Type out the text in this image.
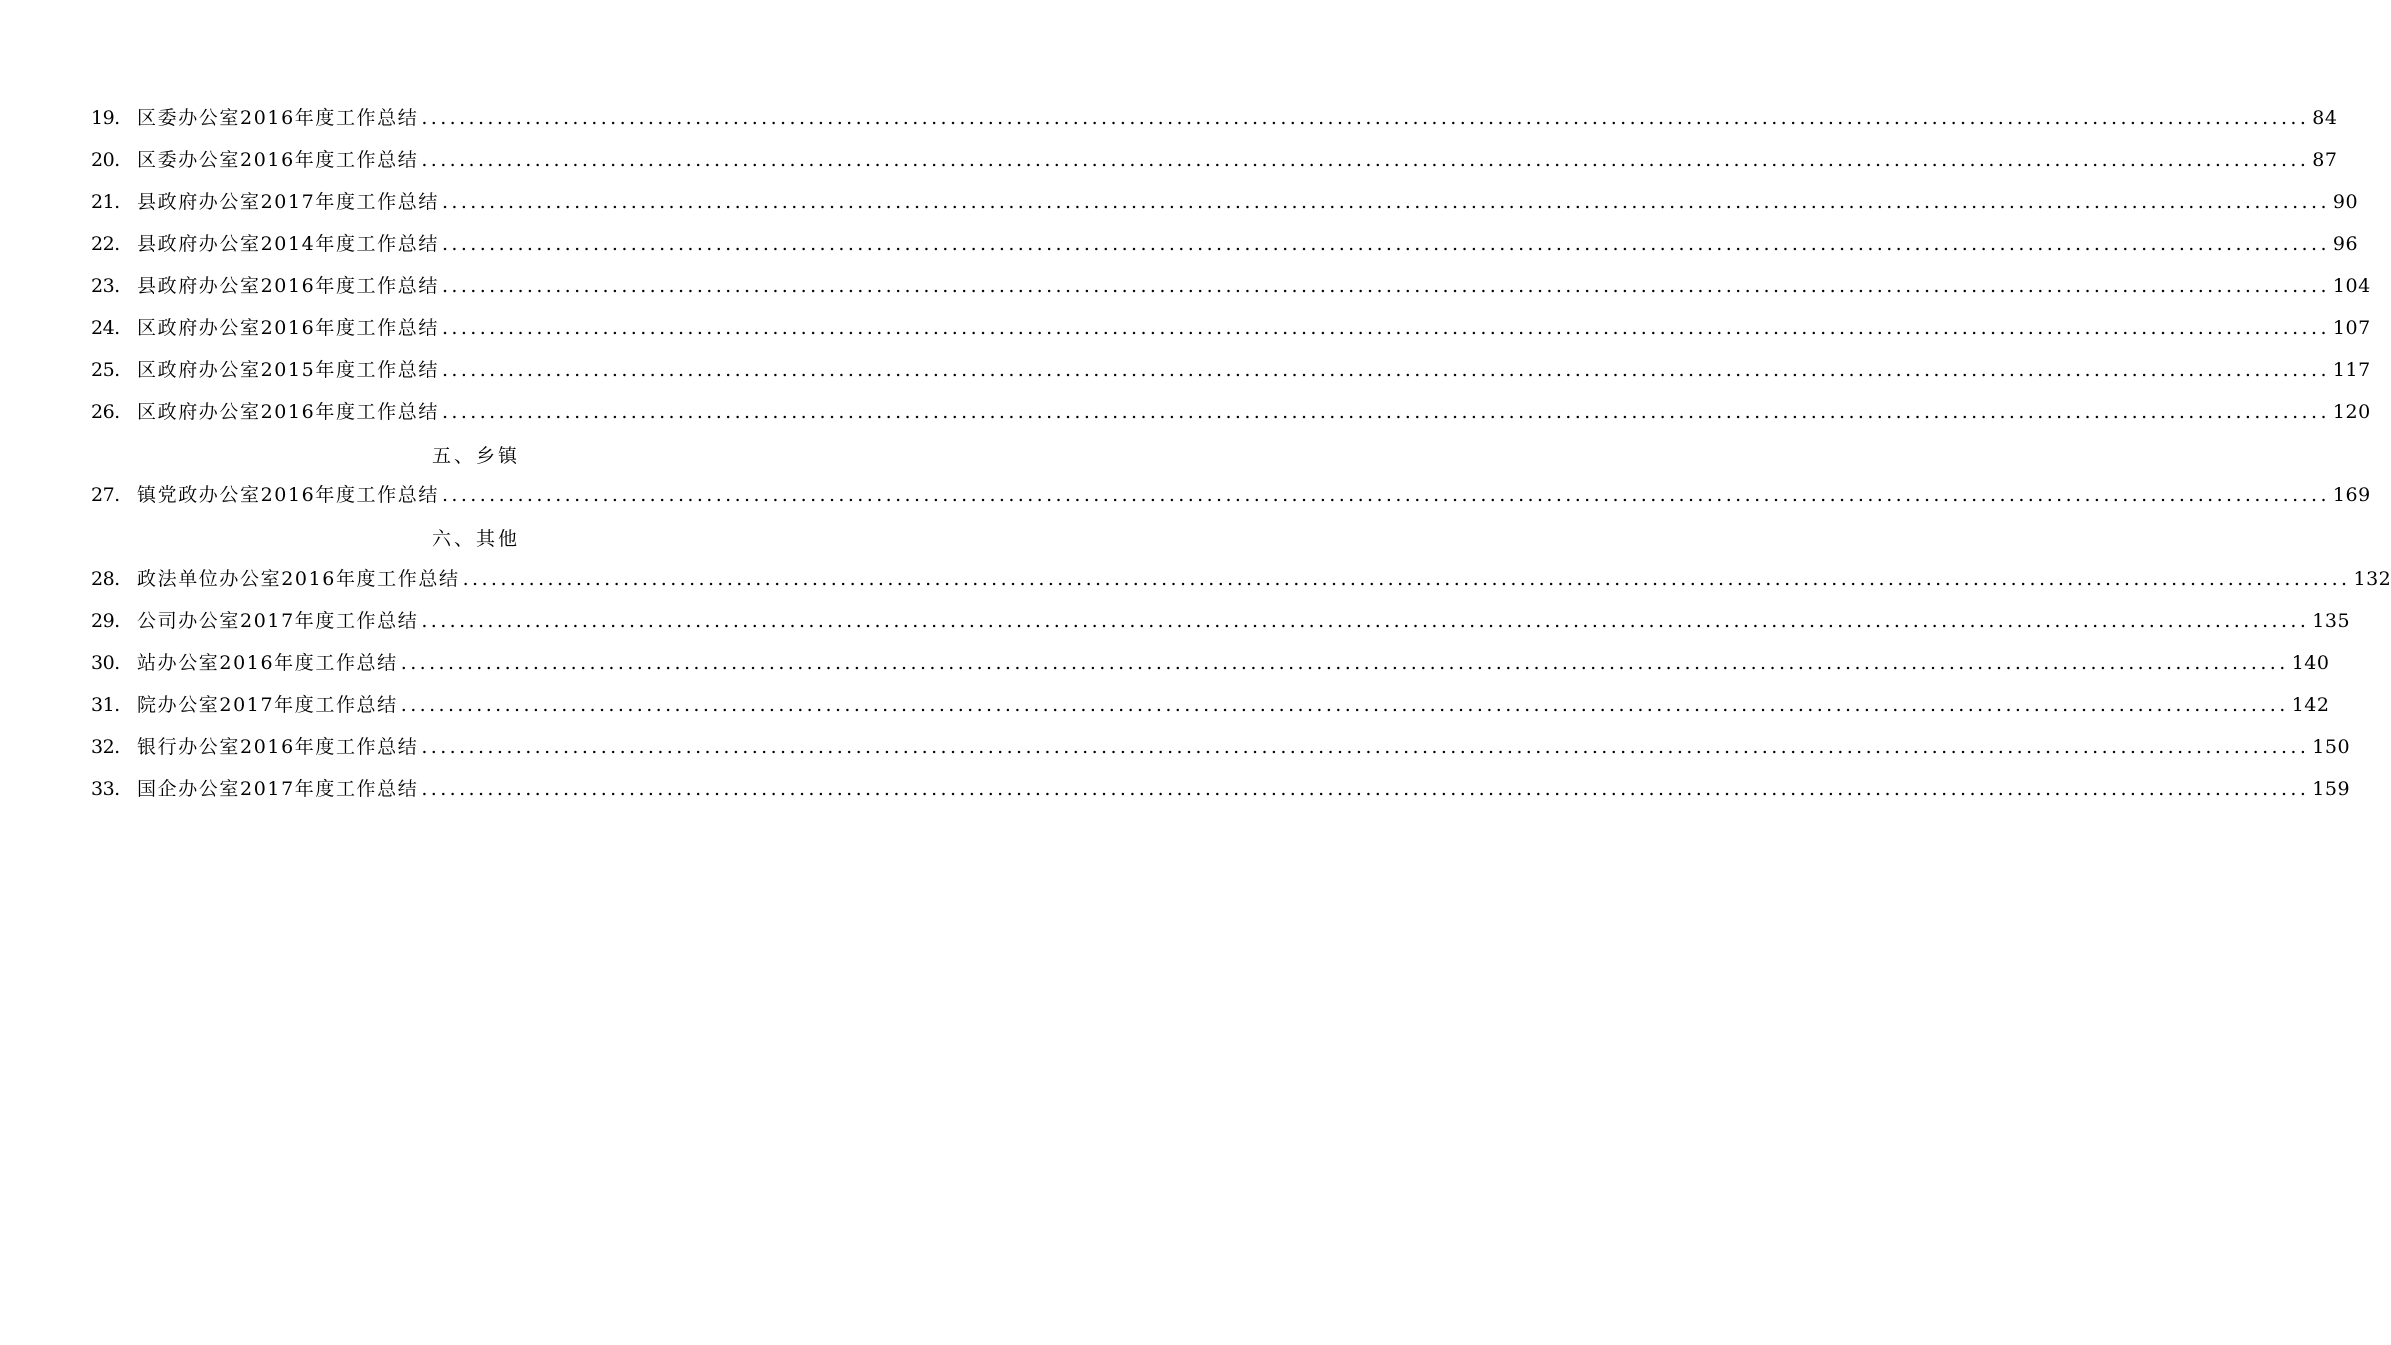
19. 区委办公室2016年度工作总结 ........................................................................................................................................................................................................ 84
20. 区委办公室2016年度工作总结 ........................................................................................................................................................................................................ 87
21. 县政府办公室2017年度工作总结 ........................................................................................................................................................................................................ 90
22. 县政府办公室2014年度工作总结 ........................................................................................................................................................................................................ 96
23. 县政府办公室2016年度工作总结 ........................................................................................................................................................................................................ 104
24. 区政府办公室2016年度工作总结 ........................................................................................................................................................................................................ 107
25. 区政府办公室2015年度工作总结 ........................................................................................................................................................................................................ 117
26. 区政府办公室2016年度工作总结 ........................................................................................................................................................................................................ 120
五、乡镇
27. 镇党政办公室2016年度工作总结 ........................................................................................................................................................................................................ 169
六、其他
28. 政法单位办公室2016年度工作总结 ........................................................................................................................................................................................................ 132
29. 公司办公室2017年度工作总结 ........................................................................................................................................................................................................ 135
30. 站办公室2016年度工作总结 ........................................................................................................................................................................................................ 140
31. 院办公室2017年度工作总结 ........................................................................................................................................................................................................ 142
32. 银行办公室2016年度工作总结 ........................................................................................................................................................................................................ 150
33. 国企办公室2017年度工作总结 ........................................................................................................................................................................................................ 159
